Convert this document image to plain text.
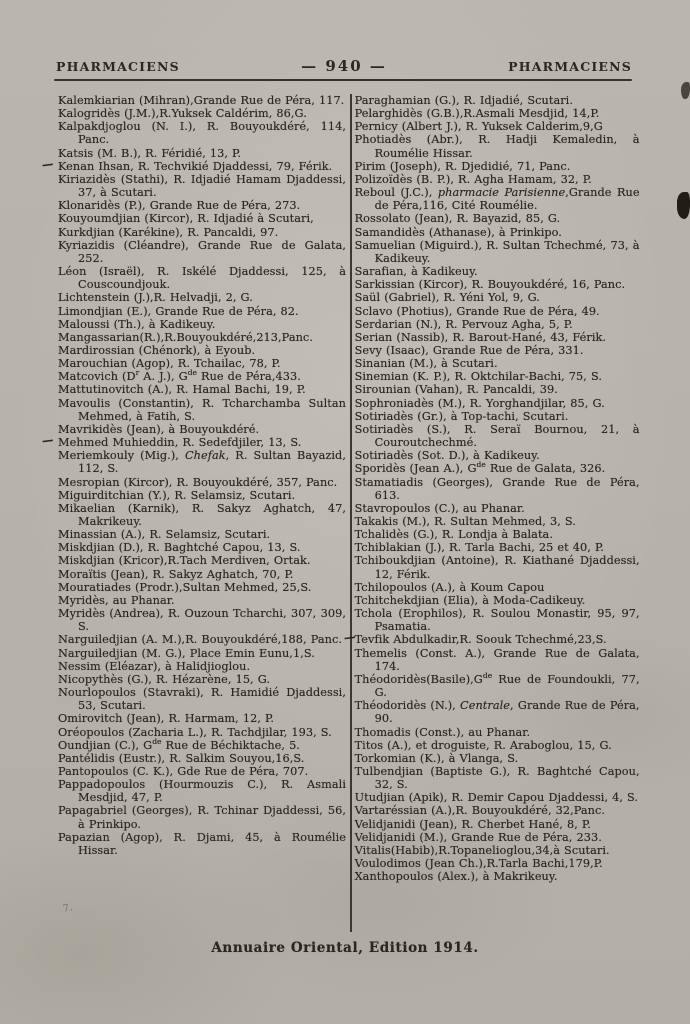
PHARMACIENS	— 940 —	PHARMACIENS
Kalemkiarian (Mihran),Grande Rue de Péra, 117.
Kalogridès (J.M.),R.Yuksek Caldérim, 86,G.
Kalpakdjoglou (N. I.), R. Bouyoukdéré, 114, Panc.
Katsis (M. B.), R. Féridié, 13, P.
— Kenan Ihsan, R. Techvikié Djaddessi, 79, Férik.
Kiriazidès (Stathi), R. Idjadié Hamam Djaddessi, 37, à Scutari.
Klonaridès (P.), Grande Rue de Péra, 273.
Kouyoumdjian (Kircor), R. Idjadié à Scutari,
Kurkdjian (Karékine), R. Pancaldi, 97.
Kyriazidis (Cléandre), Grande Rue de Galata, 252.
Léon (Israël), R. Iskélé Djaddessi, 125, à Couscoundjouk.
Lichtenstein (J.),R. Helvadji, 2, G.
Limondjian (E.), Grande Rue de Péra, 82.
Maloussi (Th.), à Kadikeuy.
Mangassarian(R.),R.Bouyoukdéré,213,Panc.
Mardirossian (Chénork), à Eyoub.
Marouchian (Agop), R. Tchailac, 78, P.
Matcovich ($D^r$ A. J.), $G^{de}$ Rue de Péra,433.
Mattutinovitch (A.), R. Hamal Bachi, 19, P.
Mavoulis (Constantin), R. Tcharchamba Sultan Mehmed, à Fatih, S.
Mavrikidès (Jean), à Bouyoukdéré.
— Mehmed Muhieddin, R. Sedefdjiler, 13, S.
Meriemkouly (Mig.), Chefak, R. Sultan Bayazid, 112, S.
Mesropian (Kircor), R. Bouyoukdéré, 357, Panc.
Miguirditchian (Y.), R. Selamsiz, Scutari.
Mikaelian (Karnik), R. Sakyz Aghatch, 47, Makrikeuy.
Minassian (A.), R. Selamsiz, Scutari.
Miskdjian (D.), R. Baghtché Capou, 13, S.
Miskdjian (Kricor),R.Tach Merdiven, Ortak.
Moraïtis (Jean), R. Sakyz Aghatch, 70, P.
Mouratiades (Prodr.),Sultan Mehmed, 25,S.
Myridès, au Phanar.
Myridès (Andrea), R. Ouzoun Tcharchi, 307, 309, S.
Narguiledjian (A. M.),R. Bouyoukdéré,188, Panc.
Narguiledjian (M. G.), Place Emin Eunu,1,S.
Nessim (Eléazar), à Halidjioglou.
Nicopythès (G.), R. Hézarène, 15, G.
Nourlopoulos (Stavraki), R. Hamidié Djaddessi, 53, Scutari.
Omirovitch (Jean), R. Harmam, 12, P.
Oréopoulos (Zacharia L.), R. Tachdjilar, 193, S.
Oundjian (C.), $G^{de}$ Rue de Béchiktache, 5.
Pantélidis (Eustr.), R. Salkim Souyou,16,S.
Pantopoulos (C. K.), Gde Rue de Péra, 707.
Pappadopoulos (Hourmouzis C.), R. Asmali Mesdjid, 47, P.
Papagabriel (Georges), R. Tchinar Djaddessi, 56, à Prinkipo.
Papazian (Agop), R. Djami, 45, à Roumélie Hissar.
Paraghamian (G.), R. Idjadié, Scutari.
Pelarghidès (G.B.),R.Asmali Mesdjid, 14,P.
Pernicy (Albert J.), R. Yuksek Calderim,9,G
Photiadès (Abr.), R. Hadji Kemaledin, à Roumélie Hissar.
Pirim (Joseph), R. Djedidié, 71, Panc.
Polizoïdès (B. P.), R. Agha Hamam, 32, P.
Reboul (J.C.), pharmacie Parisienne,Grande Rue de Péra,116, Cité Roumélie.
Rossolato (Jean), R. Bayazid, 85, G.
Samandidès (Athanase), à Prinkipo.
Samuelian (Miguird.), R. Sultan Tchechmé, 73, à Kadikeuy.
Sarafian, à Kadikeuy.
Sarkissian (Kircor), R. Bouyoukdéré, 16, Panc.
Saül (Gabriel), R. Yéni Yol, 9, G.
Sclavo (Photius), Grande Rue de Péra, 49.
Serdarian (N.), R. Pervouz Agha, 5, P.
Serian (Nassib), R. Barout-Hané, 43, Férik.
Sevy (Isaac), Grande Rue de Péra, 331.
Sinanian (M.), à Scutari.
Sinemian (K. P.), R. Oktchilar-Bachi, 75, S.
Sirounian (Vahan), R. Pancaldi, 39.
Sophroniadès (M.), R. Yorghandjilar, 85, G.
Sotiriadès (Gr.), à Top-tachi, Scutari.
Sotiriadès (S.), R. Seraï Bournou, 21, à Couroutchechmé.
Sotiriadès (Sot. D.), à Kadikeuy.
Sporidès (Jean A.), $G^{de}$ Rue de Galata, 326.
Stamatiadis (Georges), Grande Rue de Péra, 613.
Stavropoulos (C.), au Phanar.
Takakis (M.), R. Sultan Mehmed, 3, S.
Tchalidès (G.), R. Londja à Balata.
Tchiblakian (J.), R. Tarla Bachi, 25 et 40, P.
Tchiboukdjian (Antoine), R. Kiathané Djaddessi, 12, Férik.
Tchilopoulos (A.), à Koum Capou
Tchitchekdjian (Elia), à Moda-Cadikeuy.
Tchola (Erophilos), R. Soulou Monastir, 95, 97, Psamatia.
—
Tevfik Abdulkadir,R. Soouk Tchechmé,23,S.
Themelis (Const. A.), Grande Rue de Galata, 174.
$Théodoridès(Basile),G^{de}$ Rue de Foundoukli, 77, G.
Théodoridès (N.), Centrale, Grande Rue de Péra, 90.
Thomadis (Const.), au Phanar.
Titos (A.), et droguiste, R. Araboglou, 15, G.
Torkomian (K.), à Vlanga, S.
Tulbendjian (Baptiste G.), R. Baghtché Capou, 32, S.
Utudjian (Apik), R. Demir Capou Djaddessi, 4, S.
Vartaréssian (A.),R. Bouyoukdéré, 32,Panc.
Velidjanidi (Jean), R. Cherbet Hané, 8, P.
Velidjanidi (M.), Grande Rue de Péra, 233.
Vitalis(Habib),R.Topanelioglou,34,à Scutari.
Voulodimos (Jean Ch.),R.Tarla Bachi,179,P.
Xanthopoulos (Alex.), à Makrikeuy.
Annuaire Oriental, Edition 1914.
7.
